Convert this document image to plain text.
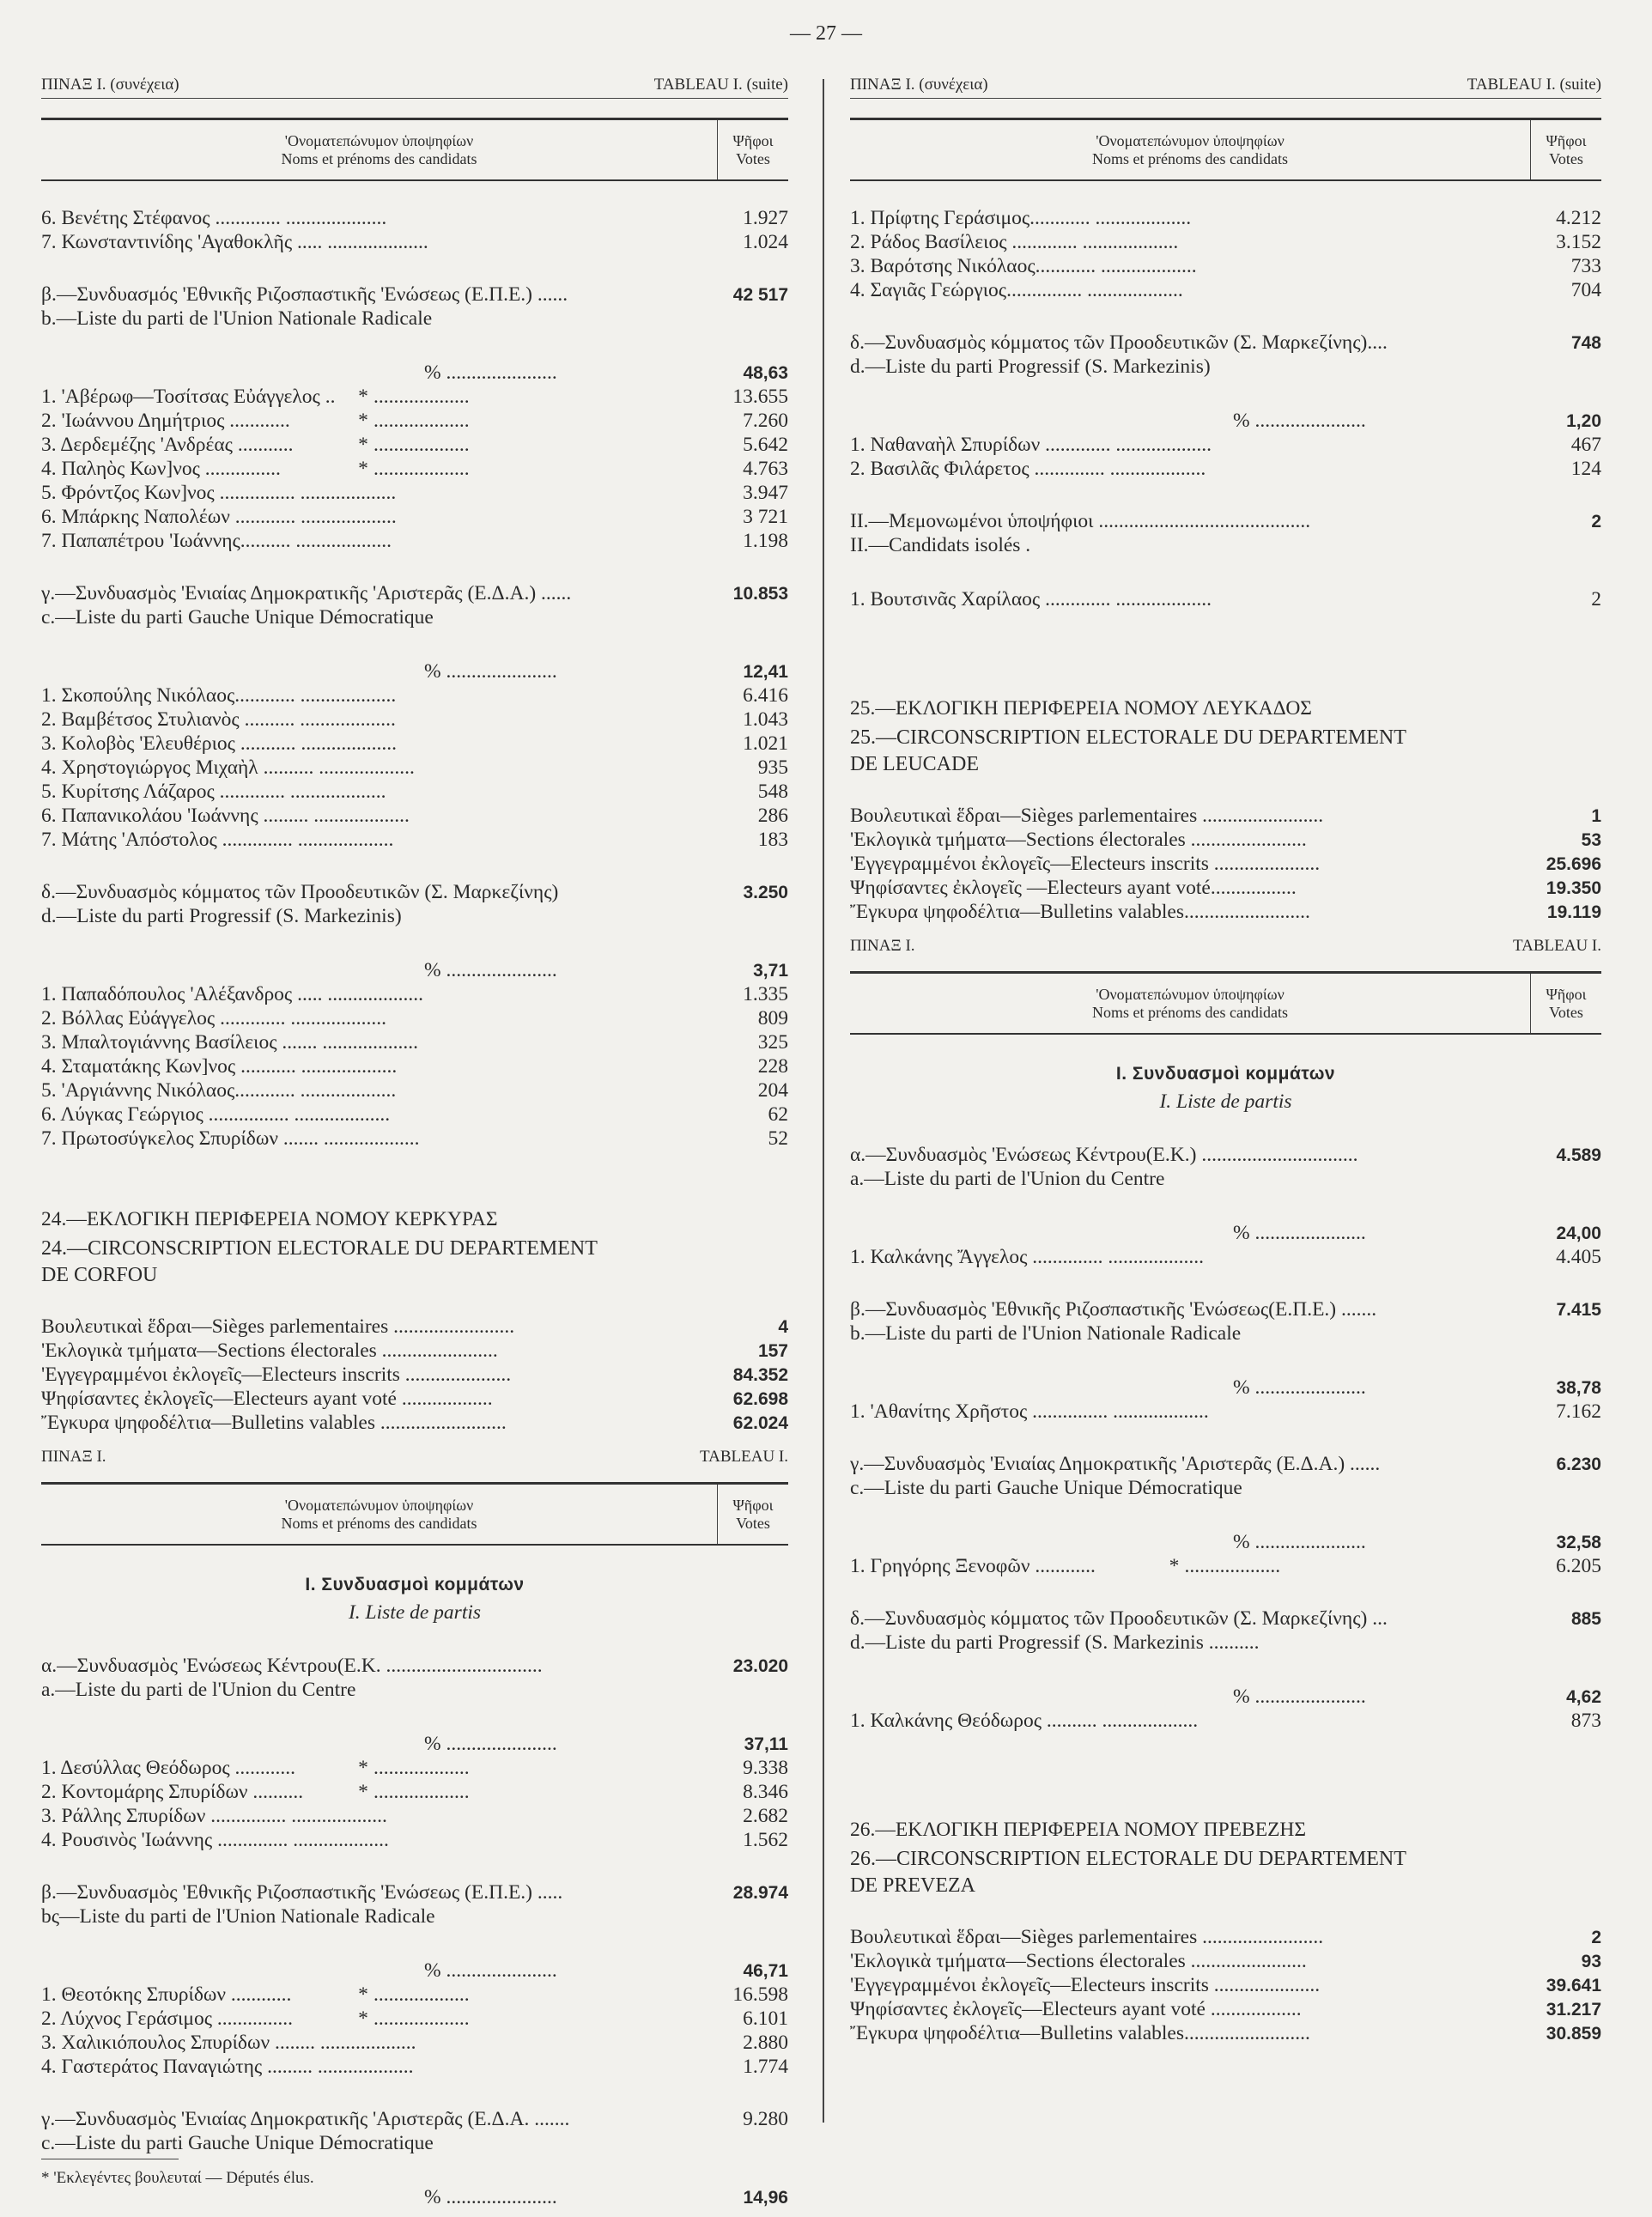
— 27 —
ΠΙΝΑΞ Ι. (συνέχεια)	TABLEAU I. (suite)
'Ονοματεπώνυμον ὑποψηφίων
Noms et prénoms des candidats
Ψῆφοι
Votes
6. Βενέτης Στέφανος ............. ....................	1.927
7. Κωνσταντινίδης 'Αγαθοκλῆς ..... ....................	1.024
β.—Συνδυασμός 'Εθνικῆς Ριζοσπαστικῆς 'Ενώσεως (Ε.Π.Ε.) ......	42 517
b.—Liste du parti de l'Union Nationale Radicale
% ......................	48,63
1. 'Αβέρωφ—Τοσίτσας Εὐάγγελος ..	* ...................	13.655
2. 'Ιωάννου Δημήτριος ............	* ...................	7.260
3. Δερδεμέζης 'Ανδρέας ...........	* ...................	5.642
4. Παληὸς Κων]νος ...............	* ...................	4.763
5. Φρόντζος Κων]νος ............... ...................	3.947
6. Μπάρκης Ναπολέων ............ ...................	3 721
7. Παπαπέτρου 'Ιωάννης.......... ...................	1.198
γ.—Συνδυασμὸς 'Ενιαίας Δημοκρατικῆς 'Αριστερᾶς (Ε.Δ.Α.) ......	10.853
c.—Liste du parti Gauche Unique Démocratique
% ......................	12,41
1. Σκοπούλης Νικόλαος............ ...................	6.416
2. Βαμβέτσος Στυλιανὸς .......... ...................	1.043
3. Κολοβὸς 'Ελευθέριος ........... ...................	1.021
4. Χρηστογιώργος Μιχαὴλ .......... ...................	935
5. Κυρίτσης Λάζαρος ............. ...................	548
6. Παπανικολάου 'Ιωάννης ......... ...................	286
7. Μάτης 'Απόστολος .............. ...................	183
δ.—Συνδυασμὸς κόμματος τῶν Προοδευτικῶν (Σ. Μαρκεζίνης)	3.250
d.—Liste du parti Progressif (S. Markezinis)
% ......................	3,71
1. Παπαδόπουλος 'Αλέξανδρος ..... ...................	1.335
2. Βόλλας Εὐάγγελος ............. ...................	809
3. Μπαλτογιάννης Βασίλειος ....... ...................	325
4. Σταματάκης Κων]νος ........... ...................	228
5. 'Αργιάννης Νικόλαος............ ...................	204
6. Λύγκας Γεώργιος ................ ...................	62
7. Πρωτοσύγκελος Σπυρίδων ....... ...................	52
24.—ΕΚΛΟΓΙΚΗ ΠΕΡΙΦΕΡΕΙΑ ΝΟΜΟΥ ΚΕΡΚΥΡΑΣ
24.—CIRCONSCRIPTION ELECTORALE DU DEPARTEMENT
DE CORFOU
Βουλευτικαὶ ἕδραι—Sièges parlementaires ........................	4
'Εκλογικὰ τμήματα—Sections électorales .......................	157
'Εγγεγραμμένοι ἐκλογεῖς—Electeurs inscrits .....................	84.352
Ψηφίσαντες ἐκλογεῖς—Electeurs ayant voté ..................	62.698
Ἔγκυρα ψηφοδέλτια—Bulletins valables .........................	62.024
ΠΙΝΑΞ Ι.	TABLEAU Ι.
'Ονοματεπώνυμον ὑποψηφίων
Noms et prénoms des candidats
Ψῆφοι
Votes
Ι. Συνδυασμοὶ κομμάτων
I. Liste de partis
α.—Συνδυασμὸς 'Ενώσεως Κέντρου(Ε.Κ. ...............................	23.020
a.—Liste du parti de l'Union du Centre
% ......................	37,11
1. Δεσύλλας Θεόδωρος ............	* ...................	9.338
2. Κοντομάρης Σπυρίδων ..........	* ...................	8.346
3. Ράλλης Σπυρίδων ............... ...................	2.682
4. Ρουσινὸς 'Ιωάννης .............. ...................	1.562
β.—Συνδυασμὸς 'Εθνικῆς Ριζοσπαστικῆς 'Ενώσεως (Ε.Π.Ε.) .....	28.974
bς—Liste du parti de l'Union Nationale Radicale
% ......................	46,71
1. Θεοτόκης Σπυρίδων ............	* ...................	16.598
2. Λύχνος Γεράσιμος ...............	* ...................	6.101
3. Χαλικιόπουλος Σπυρίδων ........ ...................	2.880
4. Γαστεράτος Παναγιώτης ......... ...................	1.774
γ.—Συνδυασμὸς 'Ενιαίας Δημοκρατικῆς 'Αριστερᾶς (Ε.Δ.Α. .......	9.280
c.—Liste du parti Gauche Unique Démocratique
% ......................	14,96
ΠΙΝΑΞ Ι. (συνέχεια)	TABLEAU I. (suite)
'Ονοματεπώνυμον ὑποψηφίων
Noms et prénoms des candidats
Ψῆφοι
Votes
1. Πρίφτης Γεράσιμος............ ...................	4.212
2. Ράδος Βασίλειος ............. ...................	3.152
3. Βαρότσης Νικόλαος............ ...................	733
4. Σαγιᾶς Γεώργιος............... ...................	704
δ.—Συνδυασμὸς κόμματος τῶν Προοδευτικῶν (Σ. Μαρκεζίνης)....	748
d.—Liste du parti Progressif (S. Markezinis)
% ......................	1,20
1. Ναθαναὴλ Σπυρίδων ............. ...................	467
2. Βασιλᾶς Φιλάρετος .............. ...................	124
ΙΙ.—Μεμονωμένοι ὑποψήφιοι ..........................................	2
II.—Candidats isolés .
1. Βουτσινᾶς Χαρίλαος ............. ...................	2
25.—ΕΚΛΟΓΙΚΗ ΠΕΡΙΦΕΡΕΙΑ ΝΟΜΟΥ ΛΕΥΚΑΔΟΣ
25.—CIRCONSCRIPTION ELECTORALE DU DEPARTEMENT
DE LEUCADE
Βουλευτικαὶ ἕδραι—Sièges parlementaires ........................	1
'Εκλογικὰ τμήματα—Sections électorales .......................	53
'Εγγεγραμμένοι ἐκλογεῖς—Electeurs inscrits .....................	25.696
Ψηφίσαντες ἐκλογεῖς —Electeurs ayant voté.................	19.350
Ἔγκυρα ψηφοδέλτια—Bulletins valables.........................	19.119
ΠΙΝΑΞ Ι.	TABLEAU Ι.
'Ονοματεπώνυμον ὑποψηφίων
Noms et prénoms des candidats
Ψῆφοι
Votes
Ι. Συνδυασμοὶ κομμάτων
I. Liste de partis
α.—Συνδυασμὸς 'Ενώσεως Κέντρου(Ε.Κ.) ...............................	4.589
a.—Liste du parti de l'Union du Centre
% ......................	24,00
1. Καλκάνης Ἄγγελος .............. ...................	4.405
β.—Συνδυασμὸς 'Εθνικῆς Ριζοσπαστικῆς 'Ενώσεως(Ε.Π.Ε.) .......	7.415
b.—Liste du parti de l'Union Nationale Radicale
% ......................	38,78
1. 'Αθανίτης Χρῆστος ............... ...................	7.162
γ.—Συνδυασμὸς 'Ενιαίας Δημοκρατικῆς 'Αριστερᾶς (Ε.Δ.Α.) ......	6.230
c.—Liste du parti Gauche Unique Démocratique
% ......................	32,58
1. Γρηγόρης Ξενοφῶν ............	* ...................	6.205
δ.—Συνδυασμὸς κόμματος τῶν Προοδευτικῶν (Σ. Μαρκεζίνης) ...	885
d.—Liste du parti Progressif (S. Markezinis ..........
% ......................	4,62
1. Καλκάνης Θεόδωρος .......... ...................	873
26.—ΕΚΛΟΓΙΚΗ ΠΕΡΙΦΕΡΕΙΑ ΝΟΜΟΥ ΠΡΕΒΕΖΗΣ
26.—CIRCONSCRIPTION ELECTORALE DU DEPARTEMENT
DE PREVEZA
Βουλευτικαὶ ἕδραι—Sièges parlementaires ........................	2
'Εκλογικὰ τμήματα—Sections électorales .......................	93
'Εγγεγραμμένοι ἐκλογεῖς—Electeurs inscrits .....................	39.641
Ψηφίσαντες ἐκλογεῖς—Electeurs ayant voté ..................	31.217
Ἔγκυρα ψηφοδέλτια—Bulletins valables.........................	30.859
* 'Εκλεγέντες βουλευταί — Députés élus.
